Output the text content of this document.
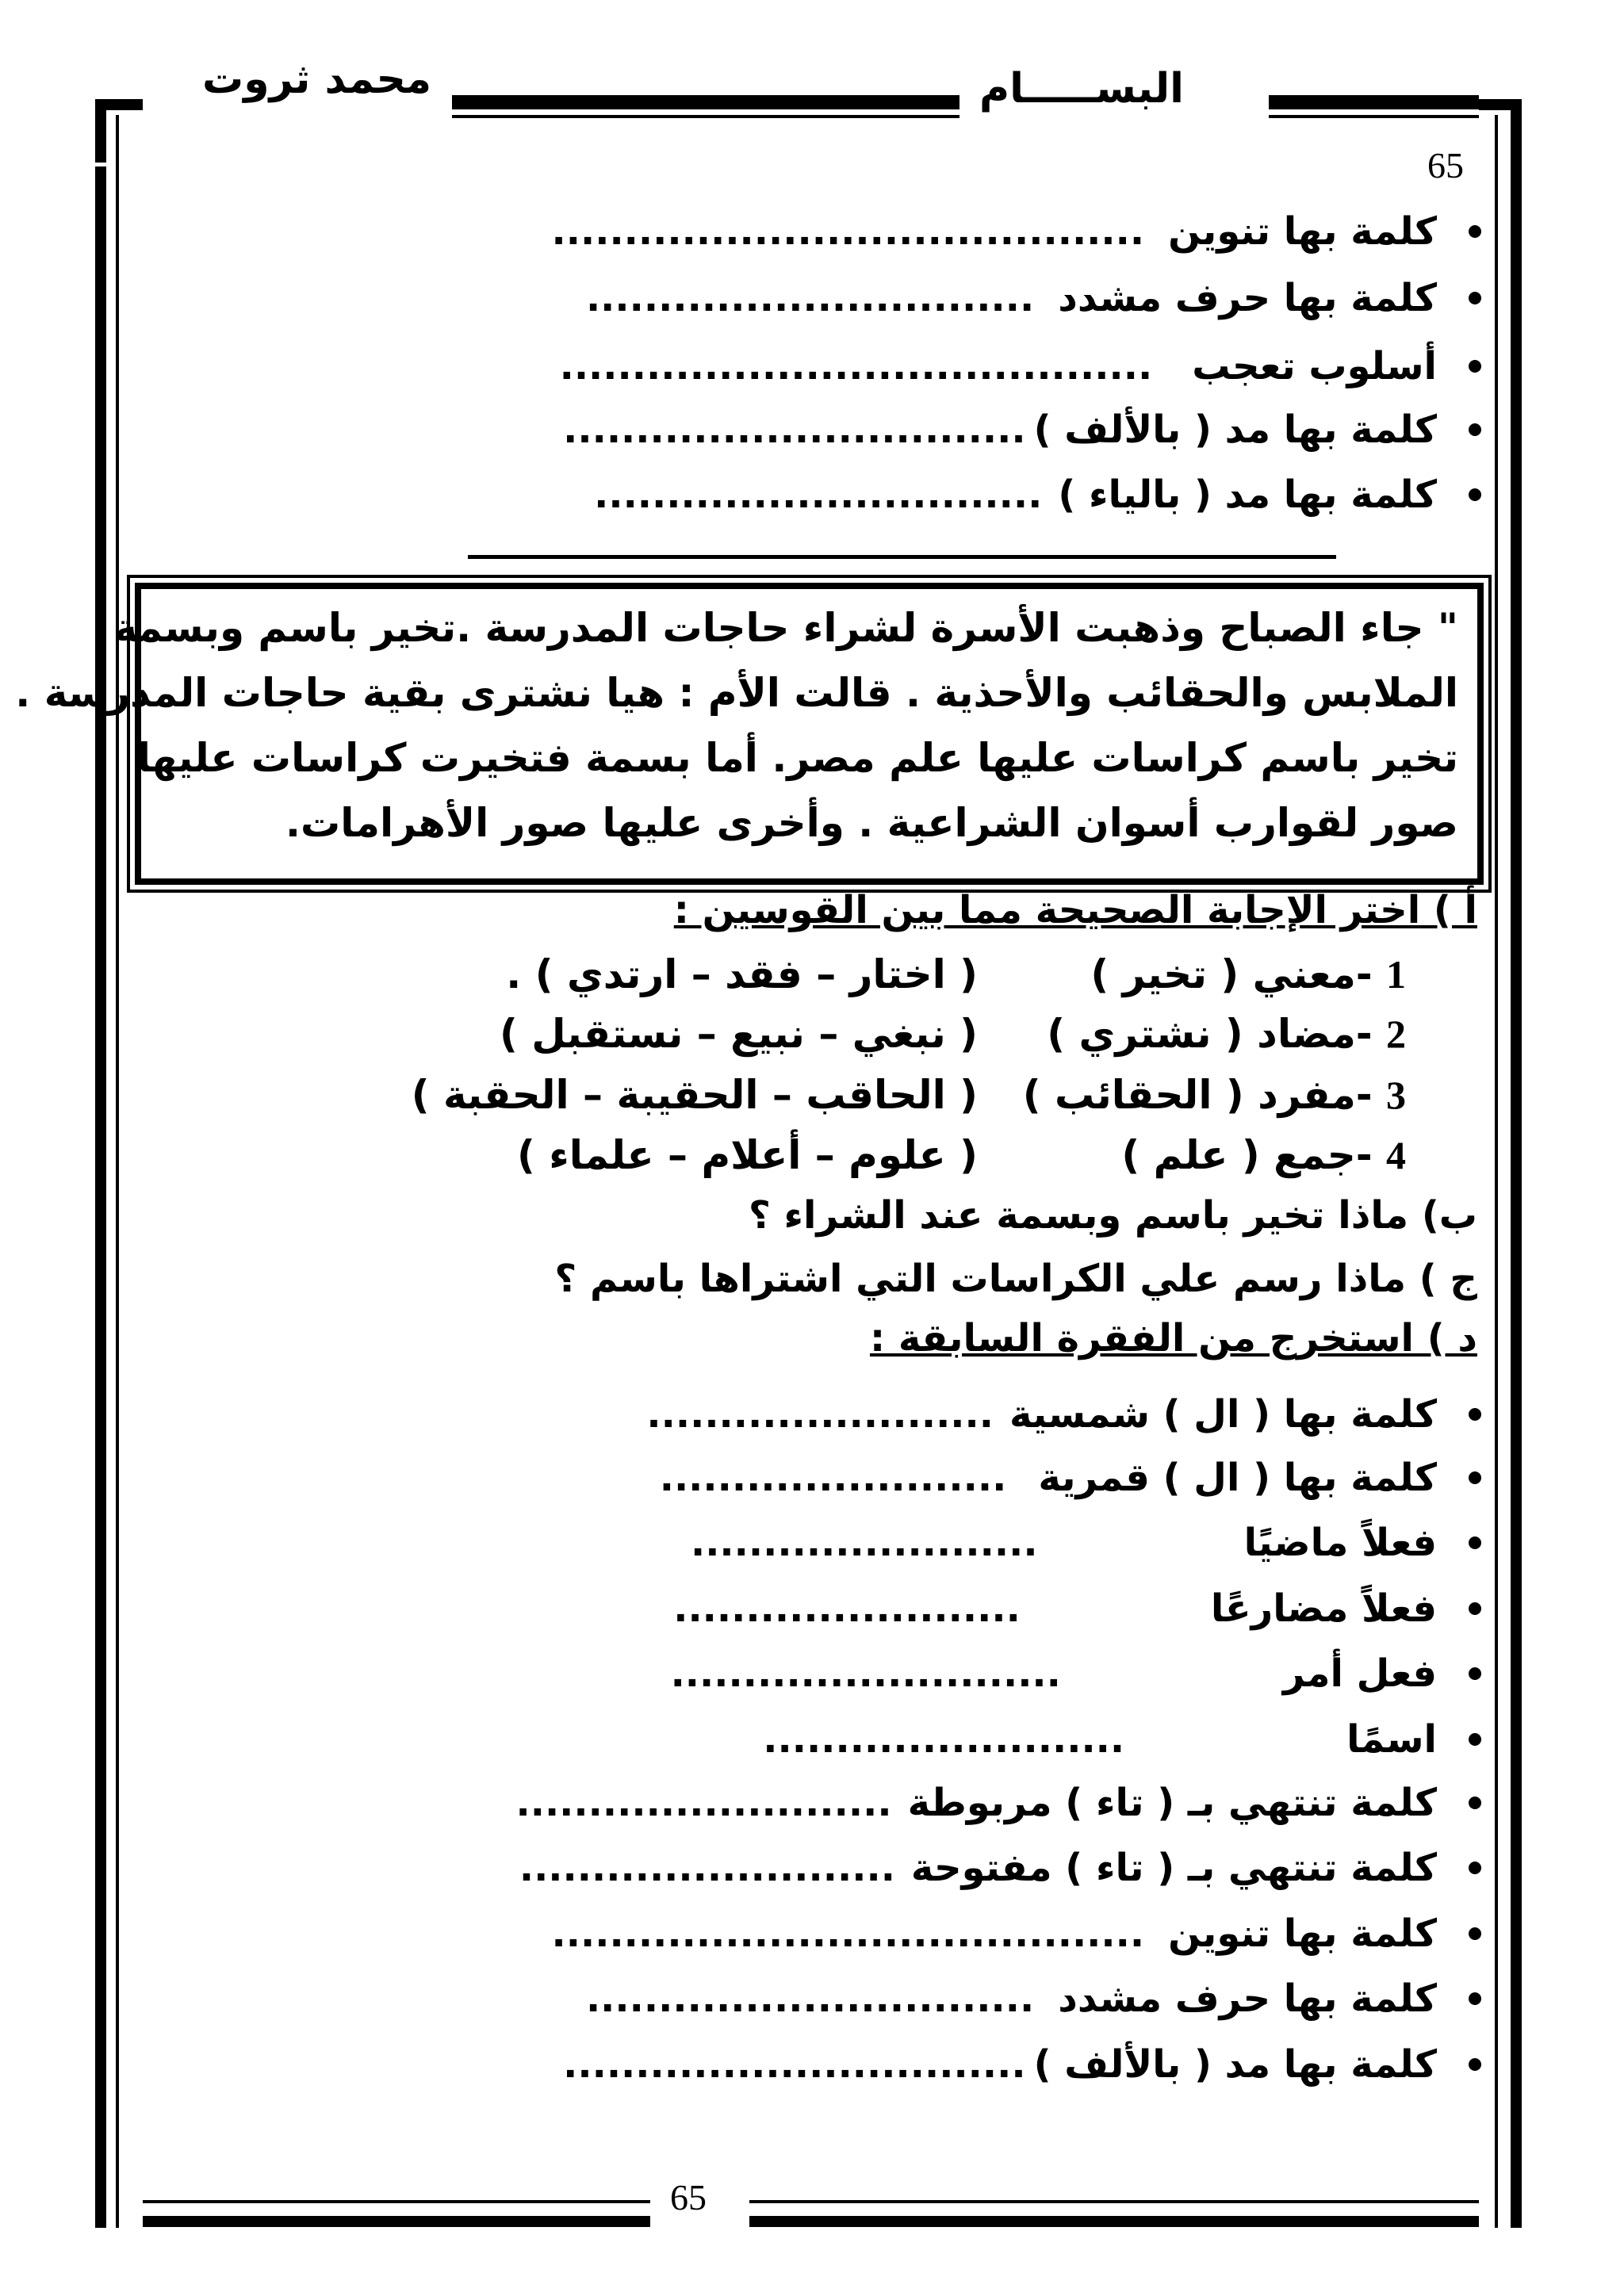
محمد ثروت	البســـــام
65
65
كلمة بها تنوين
.........................................
كلمة بها حرف مشدد
...............................
أسلوب تعجب
.........................................
كلمة بها مد ( بالألف )
................................
كلمة بها مد ( بالياء )
...............................
" جاء الصباح وذهبت الأسرة لشراء حاجات المدرسة .تخير باسم وبسمة
الملابس والحقائب والأحذية . قالت الأم : هيا نشترى بقية حاجات المدرسة .
تخير باسم كراسات عليها علم مصر. أما بسمة فتخيرت كراسات عليها
صور لقوارب أسوان الشراعية . وأخرى عليها صور الأهرامات.
أ ) اختر الإجابة الصحيحة مما بين القوسين :
1 -معني ( تخير )
( اختار – فقد – ارتدي ) .
2 -مضاد ( نشتري )
( نبغي – نبيع – نستقبل )
3 -مفرد ( الحقائب )
( الحاقب – الحقيبة – الحقبة )
4 -جمع ( علم )
( علوم – أعلام – علماء )
ب) ماذا تخير باسم وبسمة عند الشراء ؟
ج ) ماذا رسم علي الكراسات التي اشتراها باسم ؟
د ) استخرج من الفقرة السابقة :
كلمة بها ( ال ) شمسية
........................
كلمة بها ( ال ) قمرية
........................
فعلاً ماضيًا
........................
فعلاً مضارعًا
........................
فعل أمر
...........................
اسمًا
.........................
كلمة تنتهي بـ ( تاء ) مربوطة
..........................
كلمة تنتهي بـ ( تاء ) مفتوحة
..........................
كلمة بها تنوين
.........................................
كلمة بها حرف مشدد
...............................
كلمة بها مد ( بالألف )
................................
